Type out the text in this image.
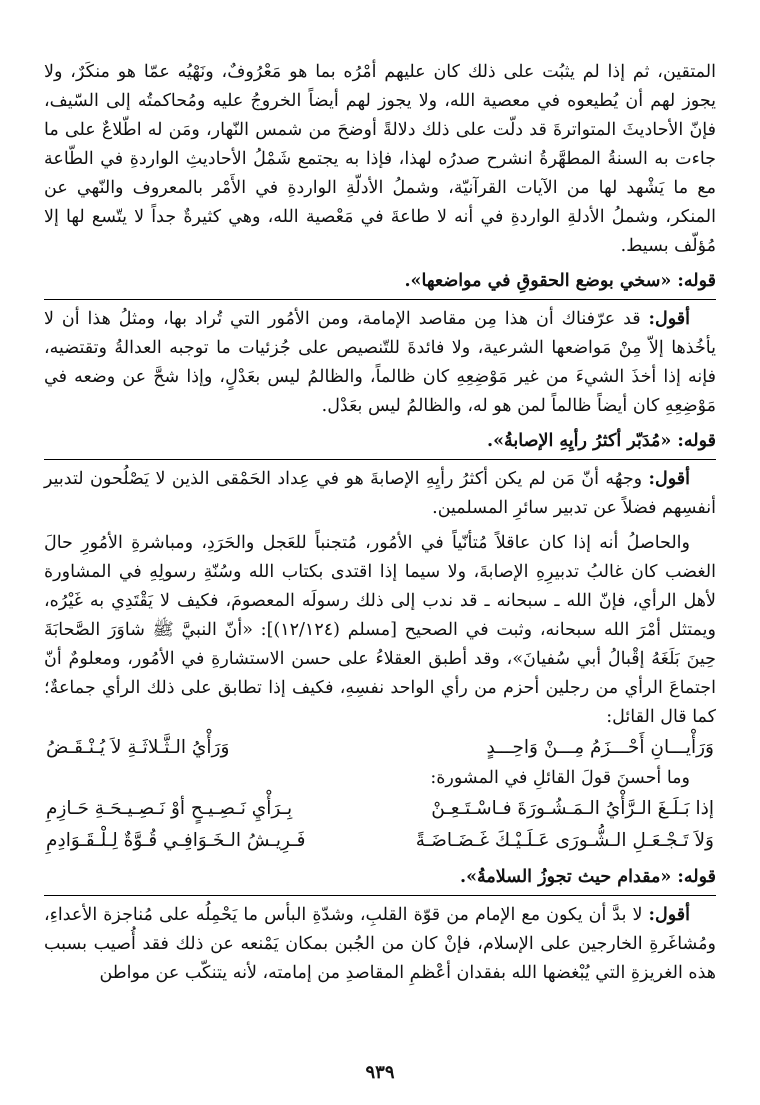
المتقين، ثم إذا لم يثبُت على ذلك كان عليهم أمْرُه بما هو مَعْرُوفٌ، ونَهْيُه عمّا هو منكَرٌ، ولا يجوز لهم أن يُطيعوه في معصية الله، ولا يجوز لهم أيضاً الخروجُ عليه ومُحاكمتُه إلى السّيف، فإنّ الأحاديثَ المتواترةَ قد دلّت على ذلك دلالةً أوضحَ من شمس النّهار، ومَن له اطّلاعٌ على ما جاءت به السنةُ المطهَّرةُ انشرح صدرُه لهذا، فإذا به يجتمع شَمْلُ الأحاديثِ الواردةِ في الطّاعة مع ما يَشْهد لها من الآيات القرآنيّة، وشملُ الأدلّةِ الواردةِ في الأَمْر بالمعروف والنّهي عن المنكر، وشملُ الأدلةِ الواردةِ في أنه لا طاعةَ في مَعْصية الله، وهي كثيرةٌ جداً لا يتّسع لها إلا مُؤلّف بسيط.

قوله: «سخي بوضع الحقوقِ في مواضعها».

أقول: قد عرّفناك أن هذا مِن مقاصد الإمامة، ومن الأمُور التي تُراد بها، ومثلُ هذا أن لا يأخُذها إلاّ مِنْ مَواضعها الشرعية، ولا فائدةَ للتّنصيص على جُزئيات ما توجبه العدالةُ وتقتضيه، فإنه إذا أخذَ الشيءَ من غير مَوْضِعِهِ كان ظالماً، والظالمُ ليس بعَدْلٍ، وإذا شحَّ عن وضعه في مَوْضِعِهِ كان أيضاً ظالماً لمن هو له، والظالمُ ليس بعَدْل.

قوله: «مُدَبّر أكثرُ رأيِهِ الإصابةُ».

أقول: وجهُه أنّ مَن لم يكن أكثرُ رأيِهِ الإصابةَ هو في عِداد الحَمْقى الذين لا يَصْلُحون لتدبير أنفسِهم فضلاً عن تدبير سائرِ المسلمين.

والحاصلُ أنه إذا كان عاقلاً مُتأنّياً في الأمُور، مُتجنباً للعَجل والحَرَدِ، ومباشرةِ الأمُورِ حالَ الغضب كان غالبُ تدبيرِهِ الإصابةَ، ولا سيما إذا اقتدى بكتاب الله وسُنّةِ رسولِهِ في المشاورة لأهل الرأي، فإنّ الله ـ سبحانه ـ قد ندب إلى ذلك رسولَه المعصومَ، فكيف لا يَقْتَدِي به غَيْرُه، ويمتثل أمْرَ الله سبحانه، وثبت في الصحيح [مسلم (١٢/١٢٤)]: «أنّ النبيَّ ﷺ شاوَرَ الصَّحابَةَ حِينَ بَلَغَهُ إقْبالُ أبي سُفيانَ»، وقد أطبق العقلاءُ على حسن الاستشارةِ في الأمُور، ومعلومٌ أنّ اجتماعَ الرأي من رجلين أحزم من رأي الواحد نفسِهِ، فكيف إذا تطابق على ذلك الرأي جماعةٌ؛ كما قال القائل:

وَرَأْيـــانِ أَحْـــزَمُ مِـــنْ وَاحِـــدٍ
وَرَأْيُ الـثَّـلاثَـةِ لاَ يُـنْـقَـضُ

وما أحسنَ قولَ القائلِ في المشورة:

إذا بَـلَـغَ الـرَّأْيُ الـمَـشُـورَةَ فـاسْـتَـعِـنْ
بِـرَأْيِ نَـصِـيـحٍ أوْ نَـصِـيـحَـةِ حَـازِمِ
وَلاَ تَـجْـعَـلِ الـشُّـورَى عَـلَـيْـكَ غَـضَـاضَـةً
فَـرِيـشُ الـخَـوَافِـي قُـوَّةٌ لِـلْـقَـوَادِمِ

قوله: «مقدام حيث تجوزُ السلامةُ».

أقول: لا بدَّ أن يكون مع الإمام من قوّة القلبِ، وشدّةِ البأس ما يَحْمِلُه على مُناجزة الأعداءِ، ومُشاغَرةِ الخارجين على الإسلام، فإنْ كان من الجُبن بمكان يَمْنعه عن ذلك فقد أُصيب بسبب هذه الغريزةِ التي يُبْغضها الله بفقدان أعْظمِ المقاصدِ من إمامته، لأنه يتنكّب عن مواطن

٩٣٩
